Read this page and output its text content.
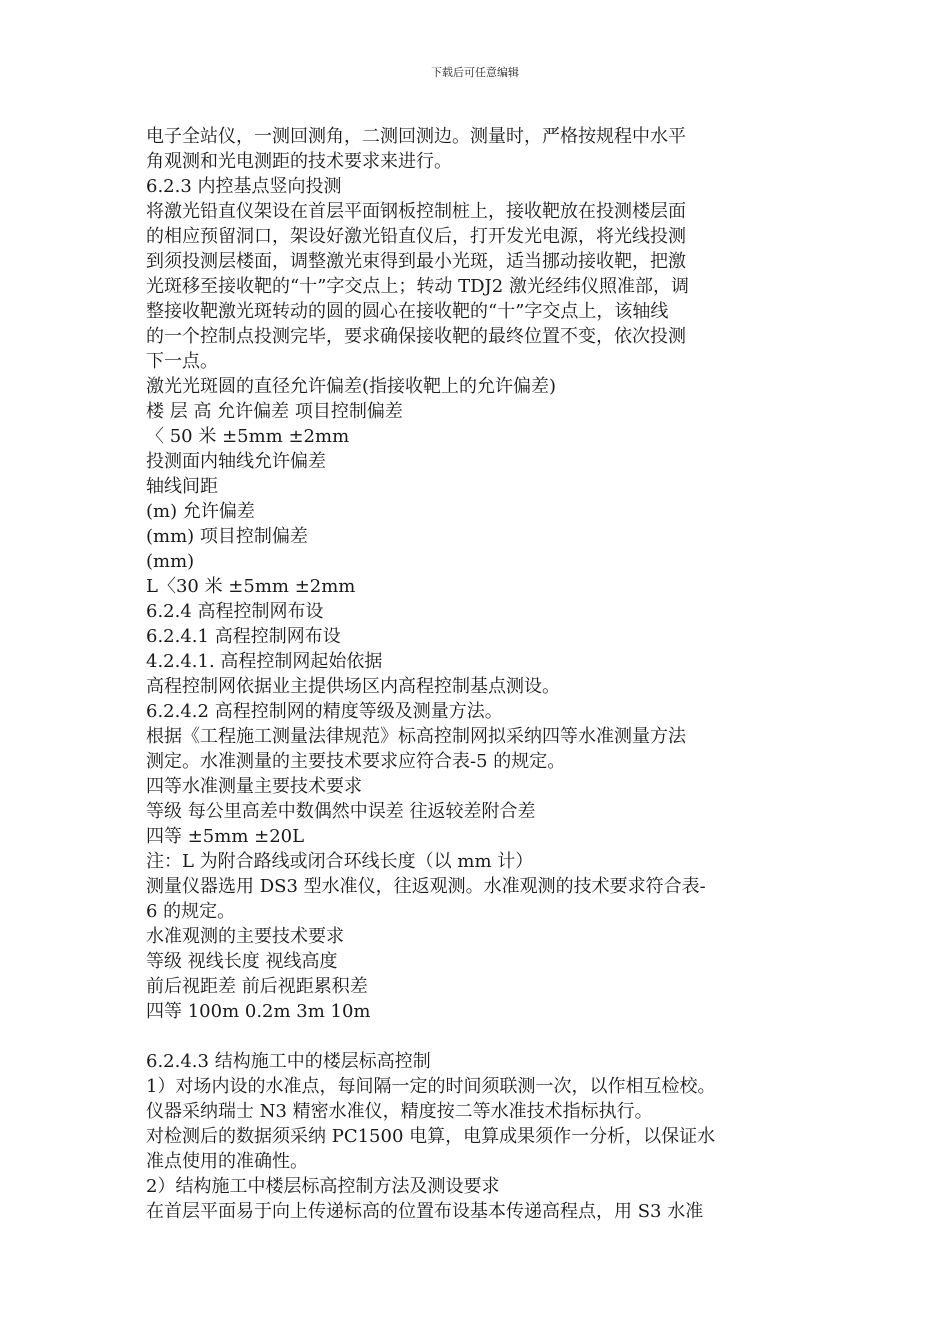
下载后可任意编辑
电子全站仪，一测回测角，二测回测边。测量时，严格按规程中水平
角观测和光电测距的技术要求来进行。
6.2.3 内控基点竖向投测
将激光铅直仪架设在首层平面钢板控制桩上，接收靶放在投测楼层面
的相应预留洞口，架设好激光铅直仪后，打开发光电源，将光线投测
到须投测层楼面，调整激光束得到最小光斑，适当挪动接收靶，把激
光斑移至接收靶的“十”字交点上；转动 TDJ2 激光经纬仪照准部，调
整接收靶激光斑转动的圆的圆心在接收靶的“十”字交点上，该轴线
的一个控制点投测完毕，要求确保接收靶的最终位置不变，依次投测
下一点。
激光光斑圆的直径允许偏差(指接收靶上的允许偏差)
楼 层 高 允许偏差 项目控制偏差
〈 50 米 ±5mm ±2mm
投测面内轴线允许偏差
轴线间距
(m) 允许偏差
(mm) 项目控制偏差
(mm)
L〈30 米 ±5mm ±2mm
6.2.4 高程控制网布设
6.2.4.1 高程控制网布设
4.2.4.1. 高程控制网起始依据
高程控制网依据业主提供场区内高程控制基点测设。
6.2.4.2 高程控制网的精度等级及测量方法。
根据《工程施工测量法律规范》标高控制网拟采纳四等水准测量方法
测定。水准测量的主要技术要求应符合表-5 的规定。
四等水准测量主要技术要求
等级 每公里高差中数偶然中误差 往返较差附合差
四等 ±5mm ±20L
注：L 为附合路线或闭合环线长度（以 mm 计）
测量仪器选用 DS3 型水准仪，往返观测。水准观测的技术要求符合表-
6 的规定。
水准观测的主要技术要求
等级 视线长度 视线高度
前后视距差 前后视距累积差
四等 100m 0.2m 3m 10m
6.2.4.3 结构施工中的楼层标高控制
1）对场内设的水准点，每间隔一定的时间须联测一次，以作相互检校。
仪器采纳瑞士 N3 精密水准仪，精度按二等水准技术指标执行。
对检测后的数据须采纳 PC1500 电算，电算成果须作一分析，以保证水
准点使用的准确性。
2）结构施工中楼层标高控制方法及测设要求
在首层平面易于向上传递标高的位置布设基本传递高程点，用 S3 水准
